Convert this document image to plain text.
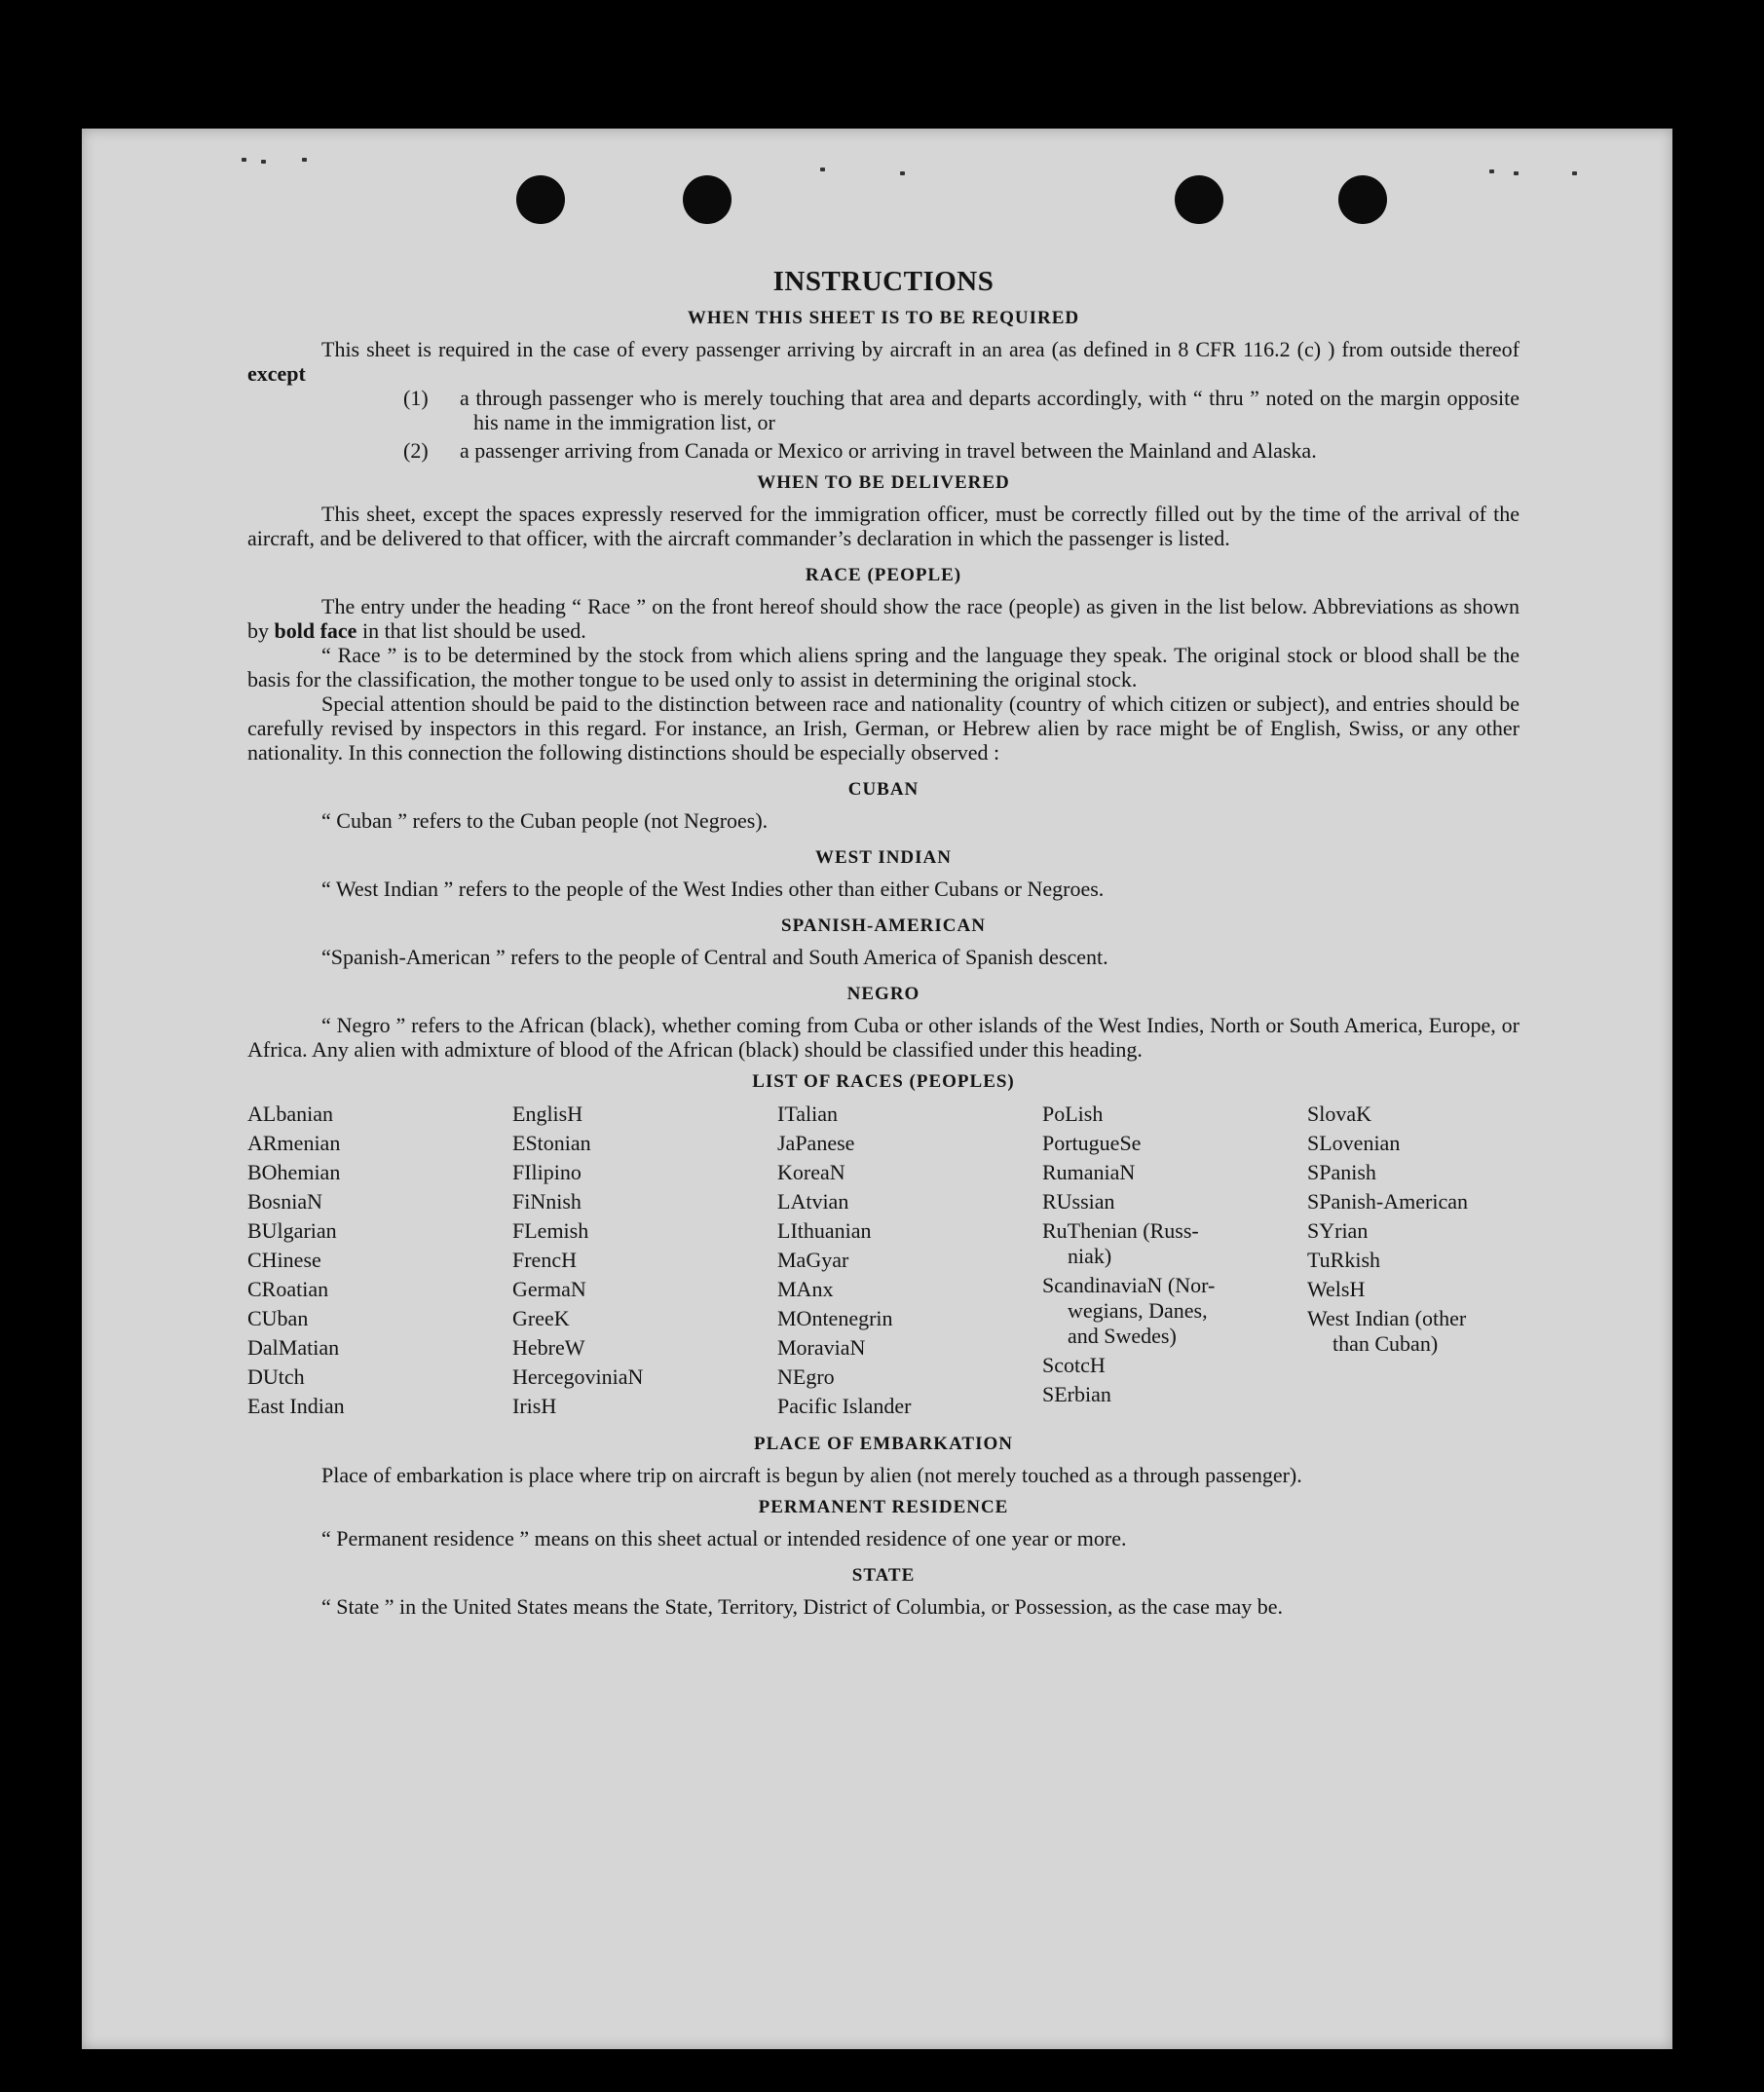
INSTRUCTIONS
WHEN THIS SHEET IS TO BE REQUIRED

This sheet is required in the case of every passenger arriving by aircraft in an area (as defined in 8 CFR 116.2 (c) ) from outside thereof except

(1)	a through passenger who is merely touching that area and departs accordingly, with “ thru ” noted on the margin opposite his name in the immigration list, or
(2)	a passenger arriving from Canada or Mexico or arriving in travel between the Mainland and Alaska.
WHEN TO BE DELIVERED

This sheet, except the spaces expressly reserved for the immigration officer, must be correctly filled out by the time of the arrival of the aircraft, and be delivered to that officer, with the aircraft commander’s declaration in which the passenger is listed.

RACE (PEOPLE)

The entry under the heading “ Race ” on the front hereof should show the race (people) as given in the list below. Abbreviations as shown by bold face in that list should be used.

“ Race ” is to be determined by the stock from which aliens spring and the language they speak. The original stock or blood shall be the basis for the classification, the mother tongue to be used only to assist in determining the original stock.

Special attention should be paid to the distinction between race and nationality (country of which citizen or subject), and entries should be carefully revised by inspectors in this regard. For instance, an Irish, German, or Hebrew alien by race might be of English, Swiss, or any other nationality. In this connection the following distinctions should be especially observed :

CUBAN

“ Cuban ” refers to the Cuban people (not Negroes).

WEST INDIAN

“ West Indian ” refers to the people of the West Indies other than either Cubans or Negroes.

SPANISH-AMERICAN

“Spanish-American ” refers to the people of Central and South America of Spanish descent.

NEGRO

“ Negro ” refers to the African (black), whether coming from Cuba or other islands of the West Indies, North or South America, Europe, or Africa. Any alien with admixture of blood of the African (black) should be classified under this heading.

LIST OF RACES (PEOPLES)
ALbanian
ARmenian
BOhemian
BosniaN
BUlgarian
CHinese
CRoatian
CUban
DalMatian
DUtch
East Indian
EnglisH
EStonian
FIlipino
FiNnish
FLemish
FrencH
GermaN
GreeK
HebreW
HercegoviniaN
IrisH
ITalian
JaPanese
KoreaN
LAtvian
LIthuanian
MaGyar
MAnx
MOntenegrin
MoraviaN
NEgro
Pacific Islander
PoLish
PortugueSe
RumaniaN
RUssian
RuThenian (Russ-
niak)
ScandinaviaN (Nor-
wegians, Danes,
and Swedes)
ScotcH
SErbian
SlovaK
SLovenian
SPanish
SPanish-American
SYrian
TuRkish
WelsH
West Indian (other
than Cuban)
PLACE OF EMBARKATION

Place of embarkation is place where trip on aircraft is begun by alien (not merely touched as a through passenger).

PERMANENT RESIDENCE

“ Permanent residence ” means on this sheet actual or intended residence of one year or more.

STATE

“ State ” in the United States means the State, Territory, District of Columbia, or Possession, as the case may be.
